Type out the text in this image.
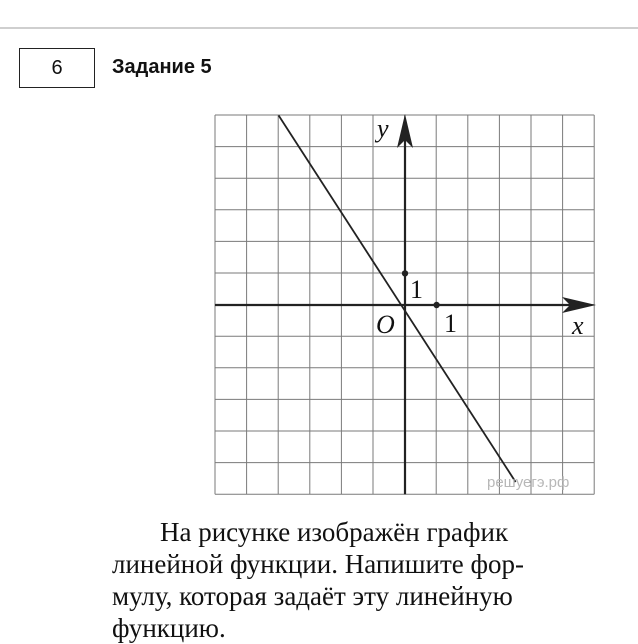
6 Задание 5
y
x
O
1
1
решуегэ.рф
На рисунке изображён график
линейной функции. Напишите фор-
мулу, которая задаёт эту линейную
функцию.
